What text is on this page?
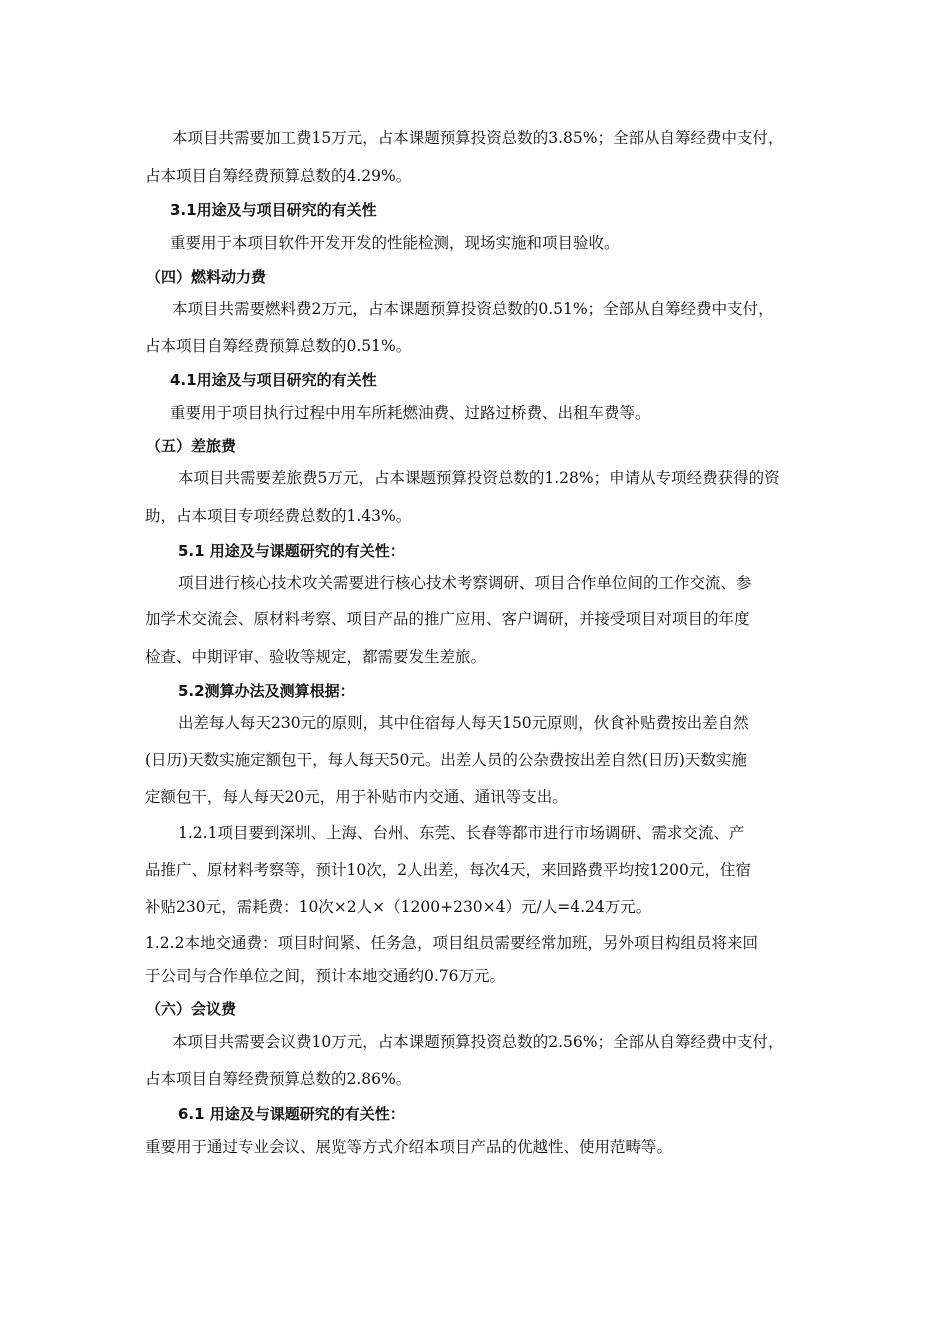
本项目共需要加工费15万元，占本课题预算投资总数的3.85%；全部从自筹经费中支付，
占本项目自筹经费预算总数的4.29%。
3.1用途及与项目研究的有关性
重要用于本项目软件开发开发的性能检测，现场实施和项目验收。
（四）燃料动力费
本项目共需要燃料费2万元，占本课题预算投资总数的0.51%；全部从自筹经费中支付，
占本项目自筹经费预算总数的0.51%。
4.1用途及与项目研究的有关性
重要用于项目执行过程中用车所耗燃油费、过路过桥费、出租车费等。
（五）差旅费
本项目共需要差旅费5万元，占本课题预算投资总数的1.28%；申请从专项经费获得的资
助，占本项目专项经费总数的1.43%。
5.1 用途及与课题研究的有关性：
项目进行核心技术攻关需要进行核心技术考察调研、项目合作单位间的工作交流、参
加学术交流会、原材料考察、项目产品的推广应用、客户调研，并接受项目对项目的年度
检查、中期评审、验收等规定，都需要发生差旅。
5.2测算办法及测算根据：
出差每人每天230元的原则，其中住宿每人每天150元原则，伙食补贴费按出差自然
(日历)天数实施定额包干，每人每天50元。出差人员的公杂费按出差自然(日历)天数实施
定额包干，每人每天20元，用于补贴市内交通、通讯等支出。
1.2.1项目要到深圳、上海、台州、东莞、长春等都市进行市场调研、需求交流、产
品推广、原材料考察等，预计10次，2人出差，每次4天，来回路费平均按1200元，住宿
补贴230元，需耗费：10次×2人×（1200+230×4）元/人=4.24万元。
1.2.2本地交通费：项目时间紧、任务急，项目组员需要经常加班，另外项目构组员将来回
于公司与合作单位之间，预计本地交通约0.76万元。
（六）会议费
本项目共需要会议费10万元，占本课题预算投资总数的2.56%；全部从自筹经费中支付，
占本项目自筹经费预算总数的2.86%。
6.1 用途及与课题研究的有关性：
重要用于通过专业会议、展览等方式介绍本项目产品的优越性、使用范畴等。
